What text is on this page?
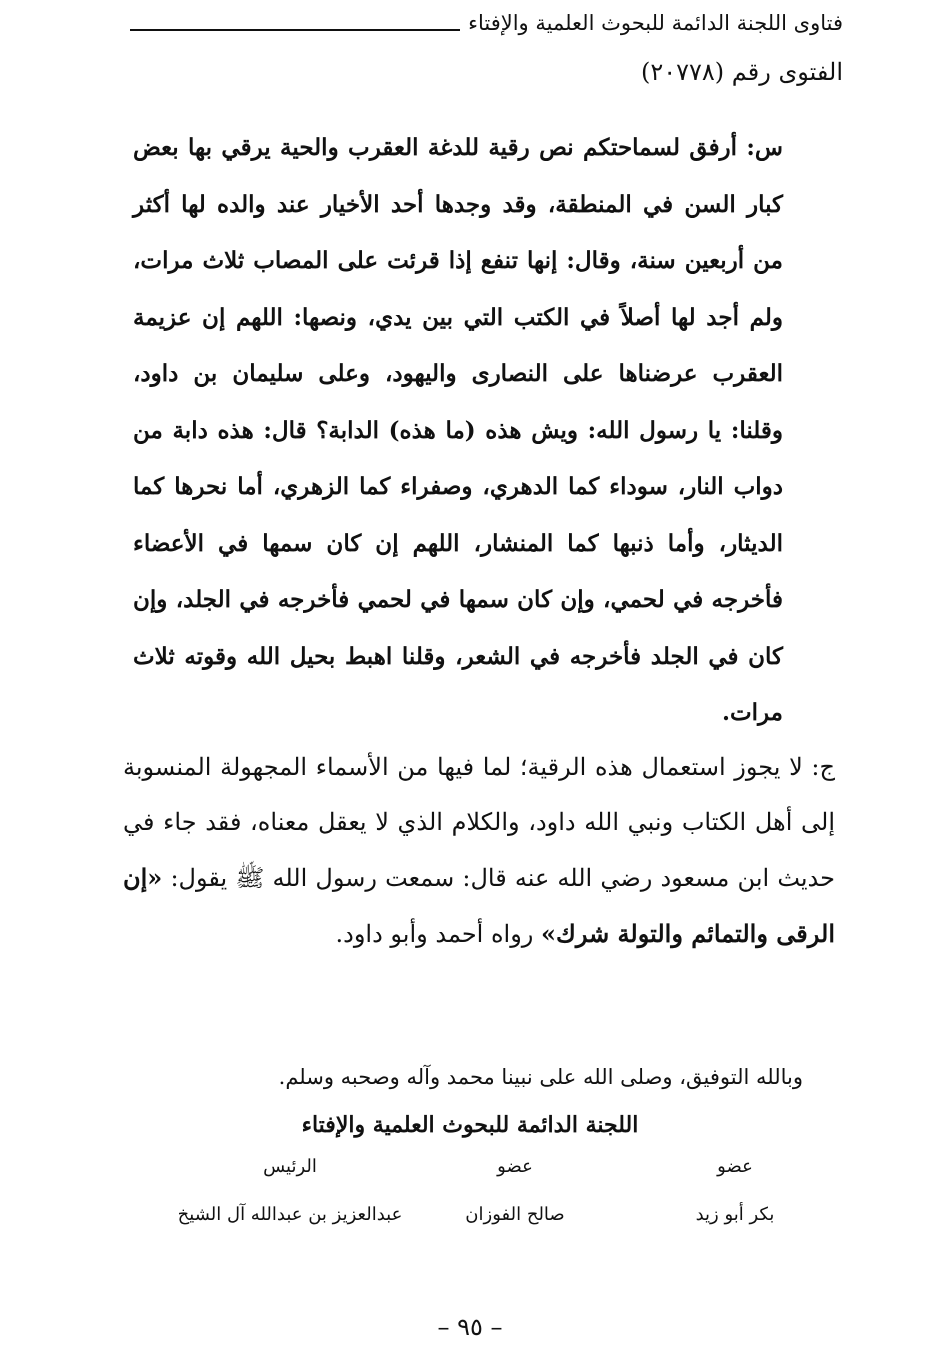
فتاوى اللجنة الدائمة للبحوث العلمية والإفتاء
الفتوى رقم (٢٠٧٧٨)
س: أرفق لسماحتكم نص رقية للدغة العقرب والحية يرقي بها بعض كبار السن في المنطقة، وقد وجدها أحد الأخيار عند والده لها أكثر من أربعين سنة، وقال: إنها تنفع إذا قرئت على المصاب ثلاث مرات، ولم أجد لها أصلاً في الكتب التي بين يدي، ونصها: اللهم إن عزيمة العقرب عرضناها على النصارى واليهود، وعلى سليمان بن داود، وقلنا: يا رسول الله: ويش هذه (ما هذه) الدابة؟ قال: هذه دابة من دواب النار، سوداء كما الدهري، وصفراء كما الزهري، أما نحرها كما الديثار، وأما ذنبها كما المنشار، اللهم إن كان سمها في الأعضاء فأخرجه في لحمي، وإن كان سمها في لحمي فأخرجه في الجلد، وإن كان في الجلد فأخرجه في الشعر، وقلنا اهبط بحيل الله وقوته ثلاث مرات.
ج: لا يجوز استعمال هذه الرقية؛ لما فيها من الأسماء المجهولة المنسوبة إلى أهل الكتاب ونبي الله داود، والكلام الذي لا يعقل معناه، فقد جاء في حديث ابن مسعود رضي الله عنه قال: سمعت رسول الله ﷺ يقول: «إن الرقى والتمائم والتولة شرك» رواه أحمد وأبو داود.
وبالله التوفيق، وصلى الله على نبينا محمد وآله وصحبه وسلم.
اللجنة الدائمة للبحوث العلمية والإفتاء
عضو
عضو
الرئيس
بكر أبو زيد
صالح الفوزان
عبدالعزيز بن عبدالله آل الشيخ
– ٩٥ –
